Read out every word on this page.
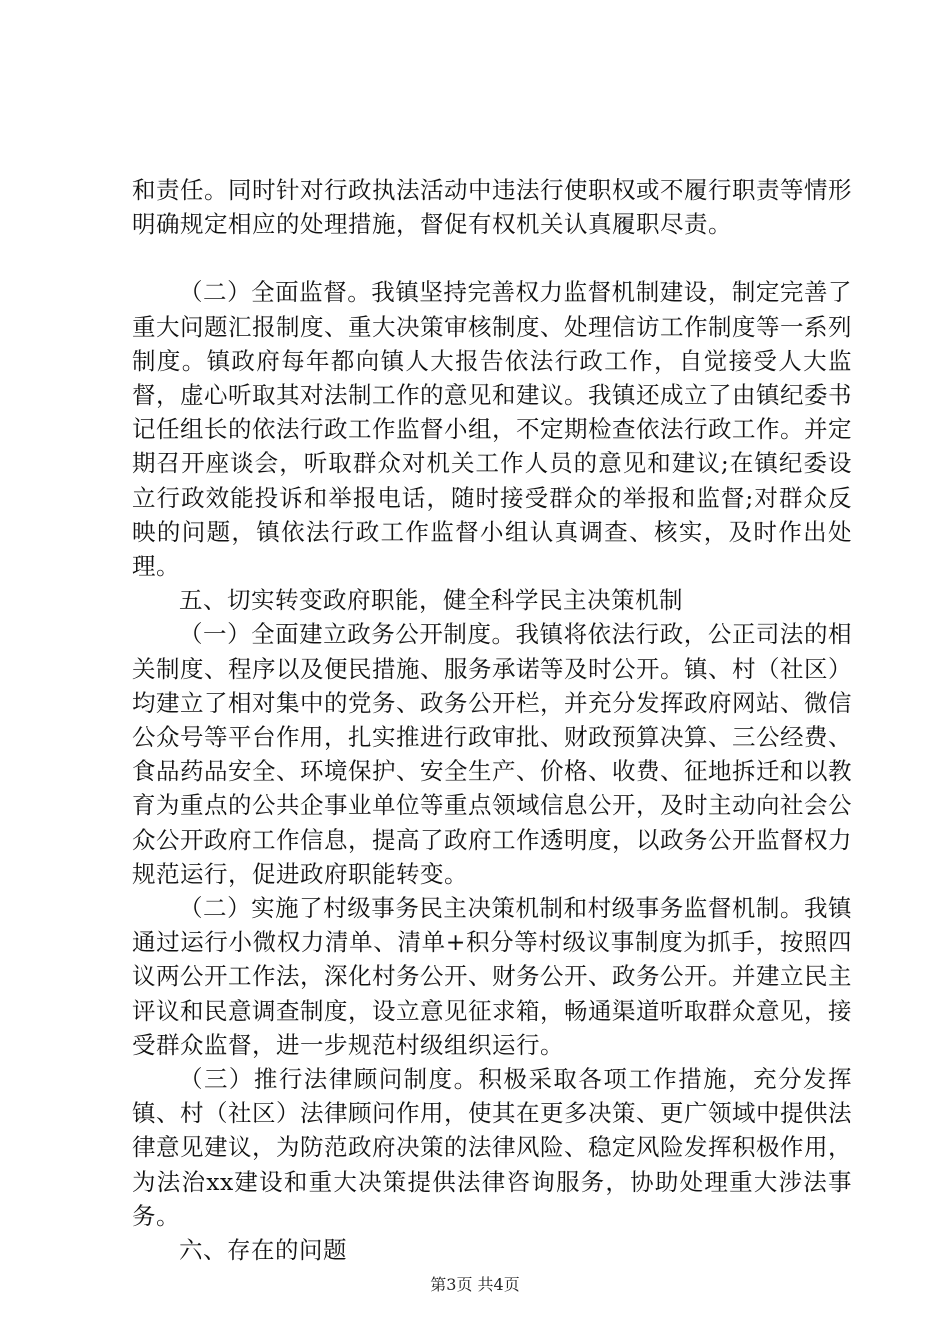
和责任。同时针对行政执法活动中违法行使职权或不履行职责等情形明确规定相应的处理措施，督促有权机关认真履职尽责。

（二）全面监督。我镇坚持完善权力监督机制建设，制定完善了重大问题汇报制度、重大决策审核制度、处理信访工作制度等一系列制度。镇政府每年都向镇人大报告依法行政工作，自觉接受人大监督，虚心听取其对法制工作的意见和建议。我镇还成立了由镇纪委书记任组长的依法行政工作监督小组，不定期检查依法行政工作。并定期召开座谈会，听取群众对机关工作人员的意见和建议;在镇纪委设立行政效能投诉和举报电话，随时接受群众的举报和监督;对群众反映的问题，镇依法行政工作监督小组认真调查、核实，及时作出处理。

五、切实转变政府职能，健全科学民主决策机制

（一）全面建立政务公开制度。我镇将依法行政，公正司法的相关制度、程序以及便民措施、服务承诺等及时公开。镇、村（社区）均建立了相对集中的党务、政务公开栏，并充分发挥政府网站、微信公众号等平台作用，扎实推进行政审批、财政预算决算、三公经费、食品药品安全、环境保护、安全生产、价格、收费、征地拆迁和以教育为重点的公共企事业单位等重点领域信息公开，及时主动向社会公众公开政府工作信息，提高了政府工作透明度，以政务公开监督权力规范运行，促进政府职能转变。

（二）实施了村级事务民主决策机制和村级事务监督机制。我镇通过运行小微权力清单、清单+积分等村级议事制度为抓手，按照四议两公开工作法，深化村务公开、财务公开、政务公开。并建立民主评议和民意调查制度，设立意见征求箱，畅通渠道听取群众意见，接受群众监督，进一步规范村级组织运行。

（三）推行法律顾问制度。积极采取各项工作措施，充分发挥镇、村（社区）法律顾问作用，使其在更多决策、更广领域中提供法律意见建议，为防范政府决策的法律风险、稳定风险发挥积极作用，为法治xx建设和重大决策提供法律咨询服务，协助处理重大涉法事务。

六、存在的问题

第3页 共4页
